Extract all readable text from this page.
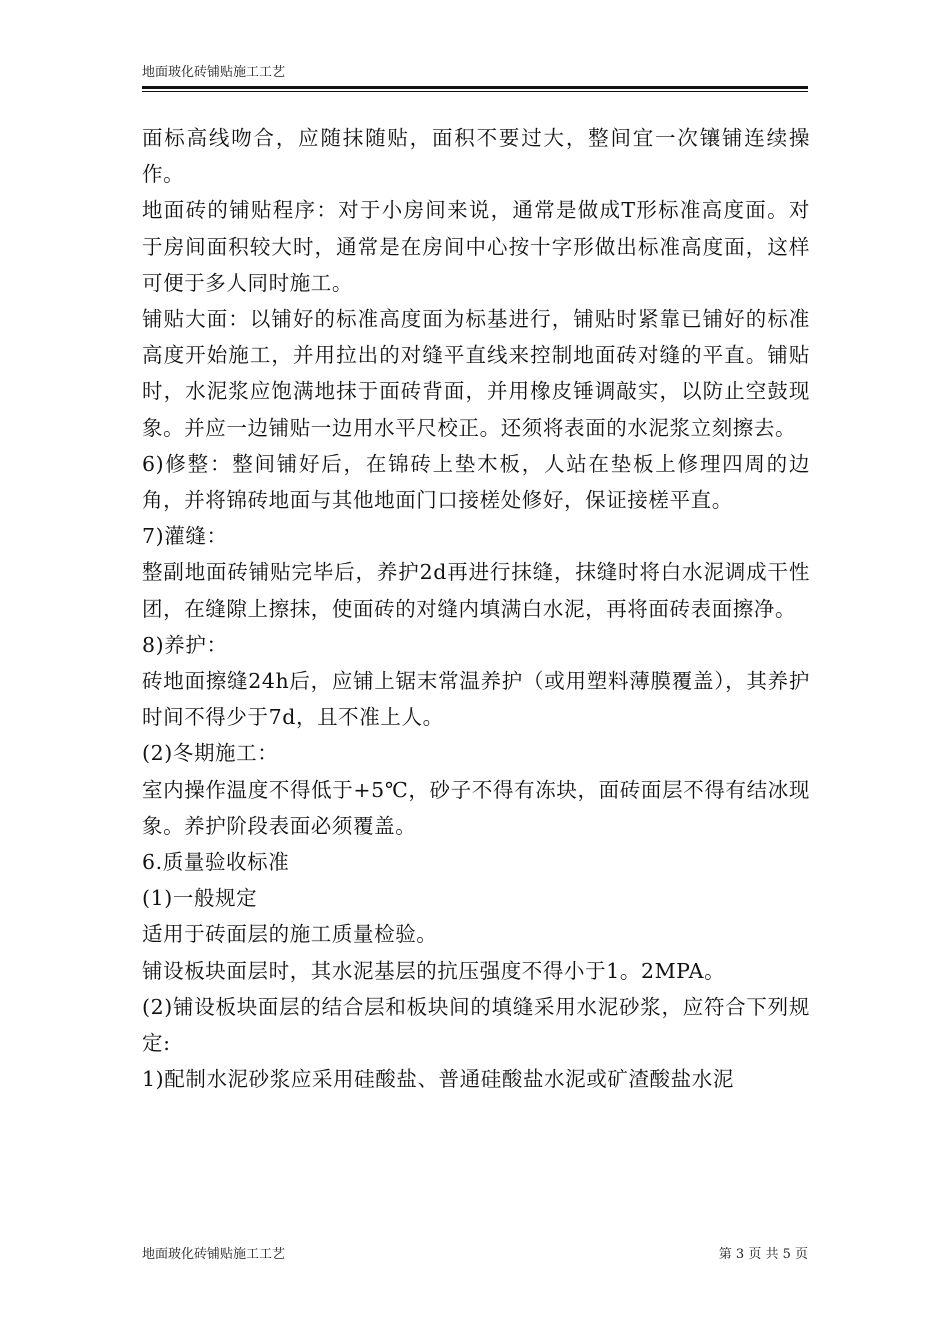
地面玻化砖铺贴施工工艺

面标高线吻合，应随抹随贴，面积不要过大，整间宜一次镶铺连续操作。

地面砖的铺贴程序：对于小房间来说，通常是做成T形标准高度面。对于房间面积较大时，通常是在房间中心按十字形做出标准高度面，这样可便于多人同时施工。

铺贴大面：以铺好的标准高度面为标基进行，铺贴时紧靠已铺好的标准高度开始施工，并用拉出的对缝平直线来控制地面砖对缝的平直。铺贴时，水泥浆应饱满地抹于面砖背面，并用橡皮锤调敲实，以防止空鼓现象。并应一边铺贴一边用水平尺校正。还须将表面的水泥浆立刻擦去。

6)修整：整间铺好后，在锦砖上垫木板，人站在垫板上修理四周的边角，并将锦砖地面与其他地面门口接槎处修好，保证接槎平直。

7)灌缝：

整副地面砖铺贴完毕后，养护2d再进行抹缝，抹缝时将白水泥调成干性团，在缝隙上擦抹，使面砖的对缝内填满白水泥，再将面砖表面擦净。

8)养护：

砖地面擦缝24h后，应铺上锯末常温养护（或用塑料薄膜覆盖），其养护时间不得少于7d，且不准上人。

(2)冬期施工：

室内操作温度不得低于+5℃，砂子不得有冻块，面砖面层不得有结冰现象。养护阶段表面必须覆盖。

6.质量验收标准

(1)一般规定

适用于砖面层的施工质量检验。

铺设板块面层时，其水泥基层的抗压强度不得小于1。2MPA。

(2)铺设板块面层的结合层和板块间的填缝采用水泥砂浆，应符合下列规定:

1)配制水泥砂浆应采用硅酸盐、普通硅酸盐水泥或矿渣酸盐水泥

地面玻化砖铺贴施工工艺	第 3 页 共 5 页
